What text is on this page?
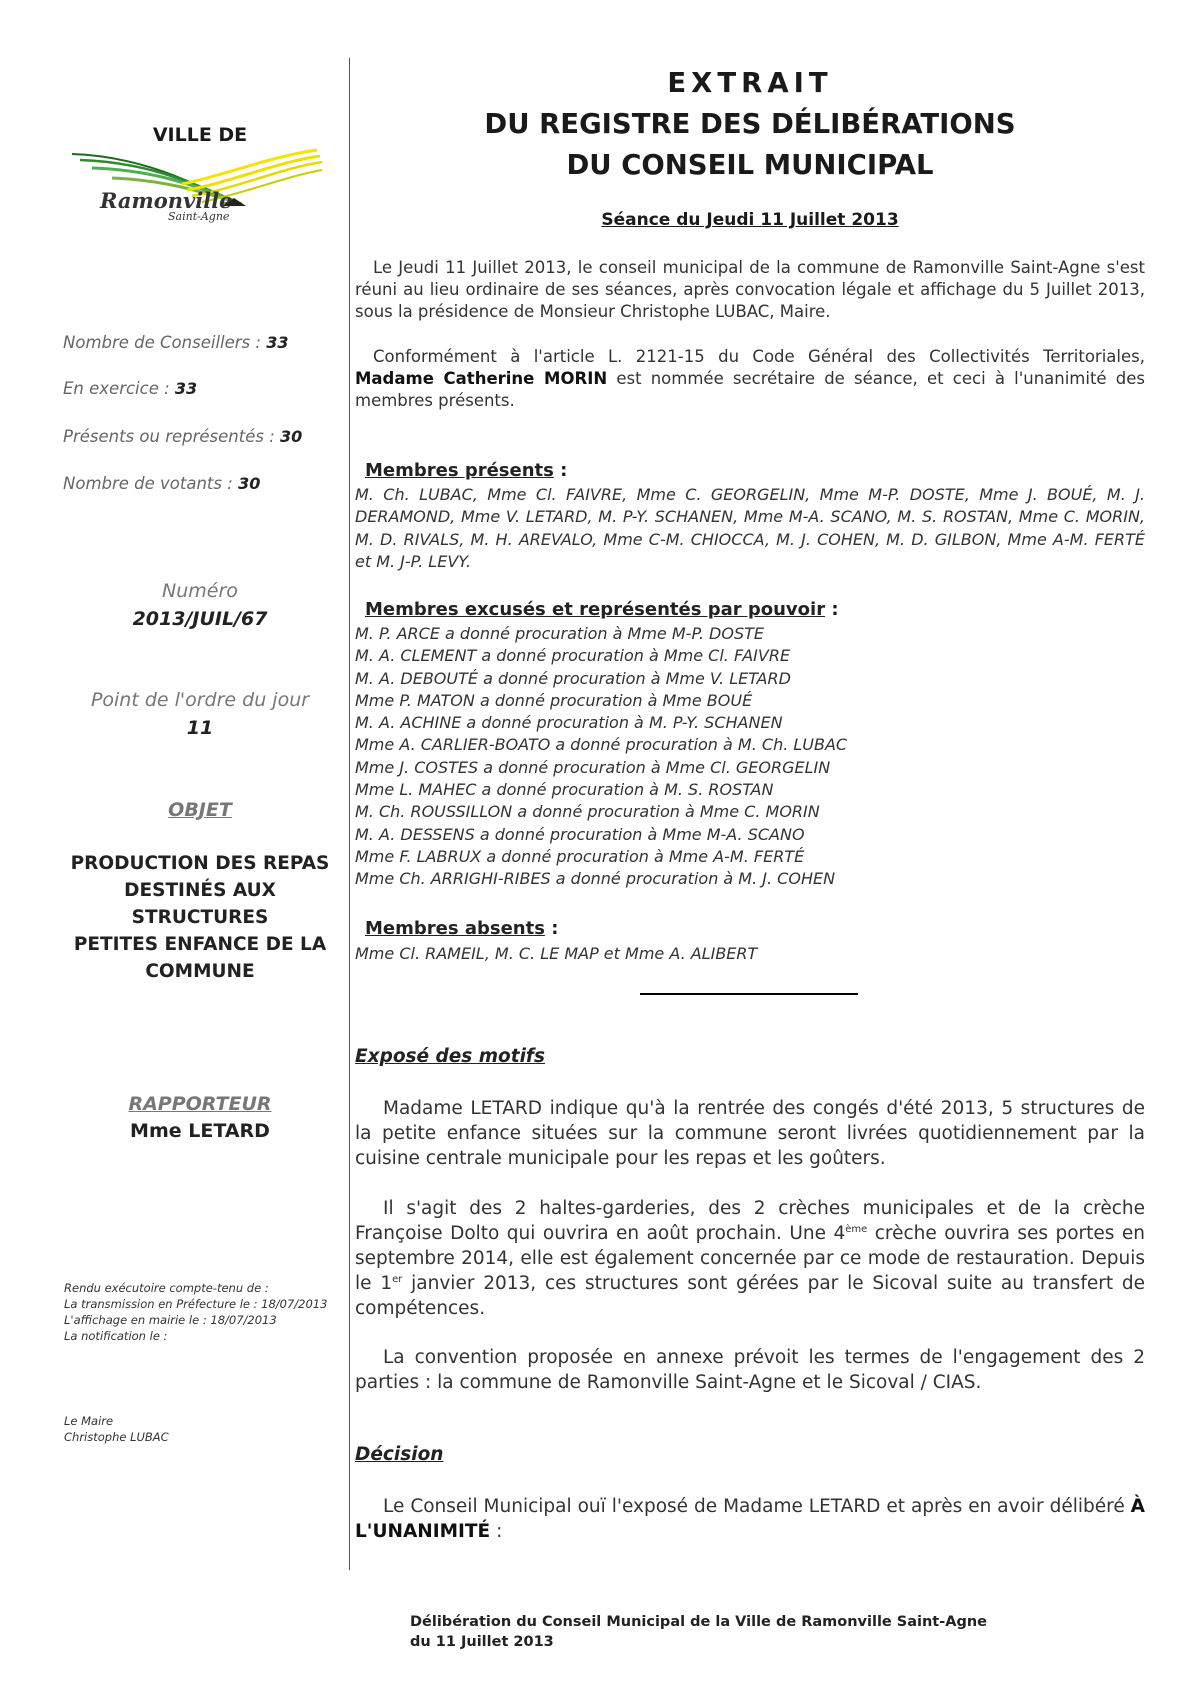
VILLE DE
Ramonville
Saint-Agne
Nombre de Conseillers : 33
En exercice : 33
Présents ou représentés : 30
Nombre de votants : 30
Numéro
2013/JUIL/67
Point de l'ordre du jour
11
OBJET
PRODUCTION DES REPAS
DESTINÉS AUX STRUCTURES
PETITES ENFANCE DE LA
COMMUNE
RAPPORTEUR
Mme LETARD
Rendu exécutoire compte-tenu de :
La transmission en Préfecture le : 18/07/2013
L'affichage en mairie le : 18/07/2013
La notification le :
Le Maire
Christophe LUBAC
EXTRAIT
DU REGISTRE DES DÉLIBÉRATIONS
DU CONSEIL MUNICIPAL
Séance du Jeudi 11 Juillet 2013
Le Jeudi 11 Juillet 2013, le conseil municipal de la commune de Ramonville Saint-Agne s'est réuni au lieu ordinaire de ses séances, après convocation légale et affichage du 5 Juillet 2013, sous la présidence de Monsieur Christophe LUBAC, Maire.
Conformément à l'article L. 2121-15 du Code Général des Collectivités Territoriales, Madame Catherine MORIN est nommée secrétaire de séance, et ceci à l'unanimité des membres présents.
Membres présents :
M. Ch. LUBAC, Mme Cl. FAIVRE, Mme C. GEORGELIN, Mme M-P. DOSTE, Mme J. BOUÉ, M. J. DERAMOND, Mme V. LETARD, M. P-Y. SCHANEN, Mme M-A. SCANO, M. S. ROSTAN, Mme C. MORIN, M. D. RIVALS, M. H. AREVALO, Mme C-M. CHIOCCA, M. J. COHEN, M. D. GILBON, Mme A-M. FERTÉ et M. J-P. LEVY.
Membres excusés et représentés par pouvoir :
M. P. ARCE a donné procuration à Mme M-P. DOSTE
M. A. CLEMENT a donné procuration à Mme Cl. FAIVRE
M. A. DEBOUTÉ a donné procuration à Mme V. LETARD
Mme P. MATON a donné procuration à Mme BOUÉ
M. A. ACHINE a donné procuration à M. P-Y. SCHANEN
Mme A. CARLIER-BOATO a donné procuration à M. Ch. LUBAC
Mme J. COSTES a donné procuration à Mme Cl. GEORGELIN
Mme L. MAHEC a donné procuration à M. S. ROSTAN
M. Ch. ROUSSILLON a donné procuration à Mme C. MORIN
M. A. DESSENS a donné procuration à Mme M-A. SCANO
Mme F. LABRUX a donné procuration à Mme A-M. FERTÉ
Mme Ch. ARRIGHI-RIBES a donné procuration à M. J. COHEN
Membres absents :
Mme Cl. RAMEIL, M. C. LE MAP et Mme A. ALIBERT
Exposé des motifs
Madame LETARD indique qu'à la rentrée des congés d'été 2013, 5 structures de la petite enfance situées sur la commune seront livrées quotidiennement par la cuisine centrale municipale pour les repas et les goûters.
Il s'agit des 2 haltes-garderies, des 2 crèches municipales et de la crèche Françoise Dolto qui ouvrira en août prochain. Une 4ème crèche ouvrira ses portes en septembre 2014, elle est également concernée par ce mode de restauration. Depuis le 1er janvier 2013, ces structures sont gérées par le Sicoval suite au transfert de compétences.
La convention proposée en annexe prévoit les termes de l'engagement des 2 parties : la commune de Ramonville Saint-Agne et le Sicoval / CIAS.
Décision
Le Conseil Municipal ouï l'exposé de Madame LETARD et après en avoir délibéré À L'UNANIMITÉ :
Délibération du Conseil Municipal de la Ville de Ramonville Saint-Agne
du 11 Juillet 2013
